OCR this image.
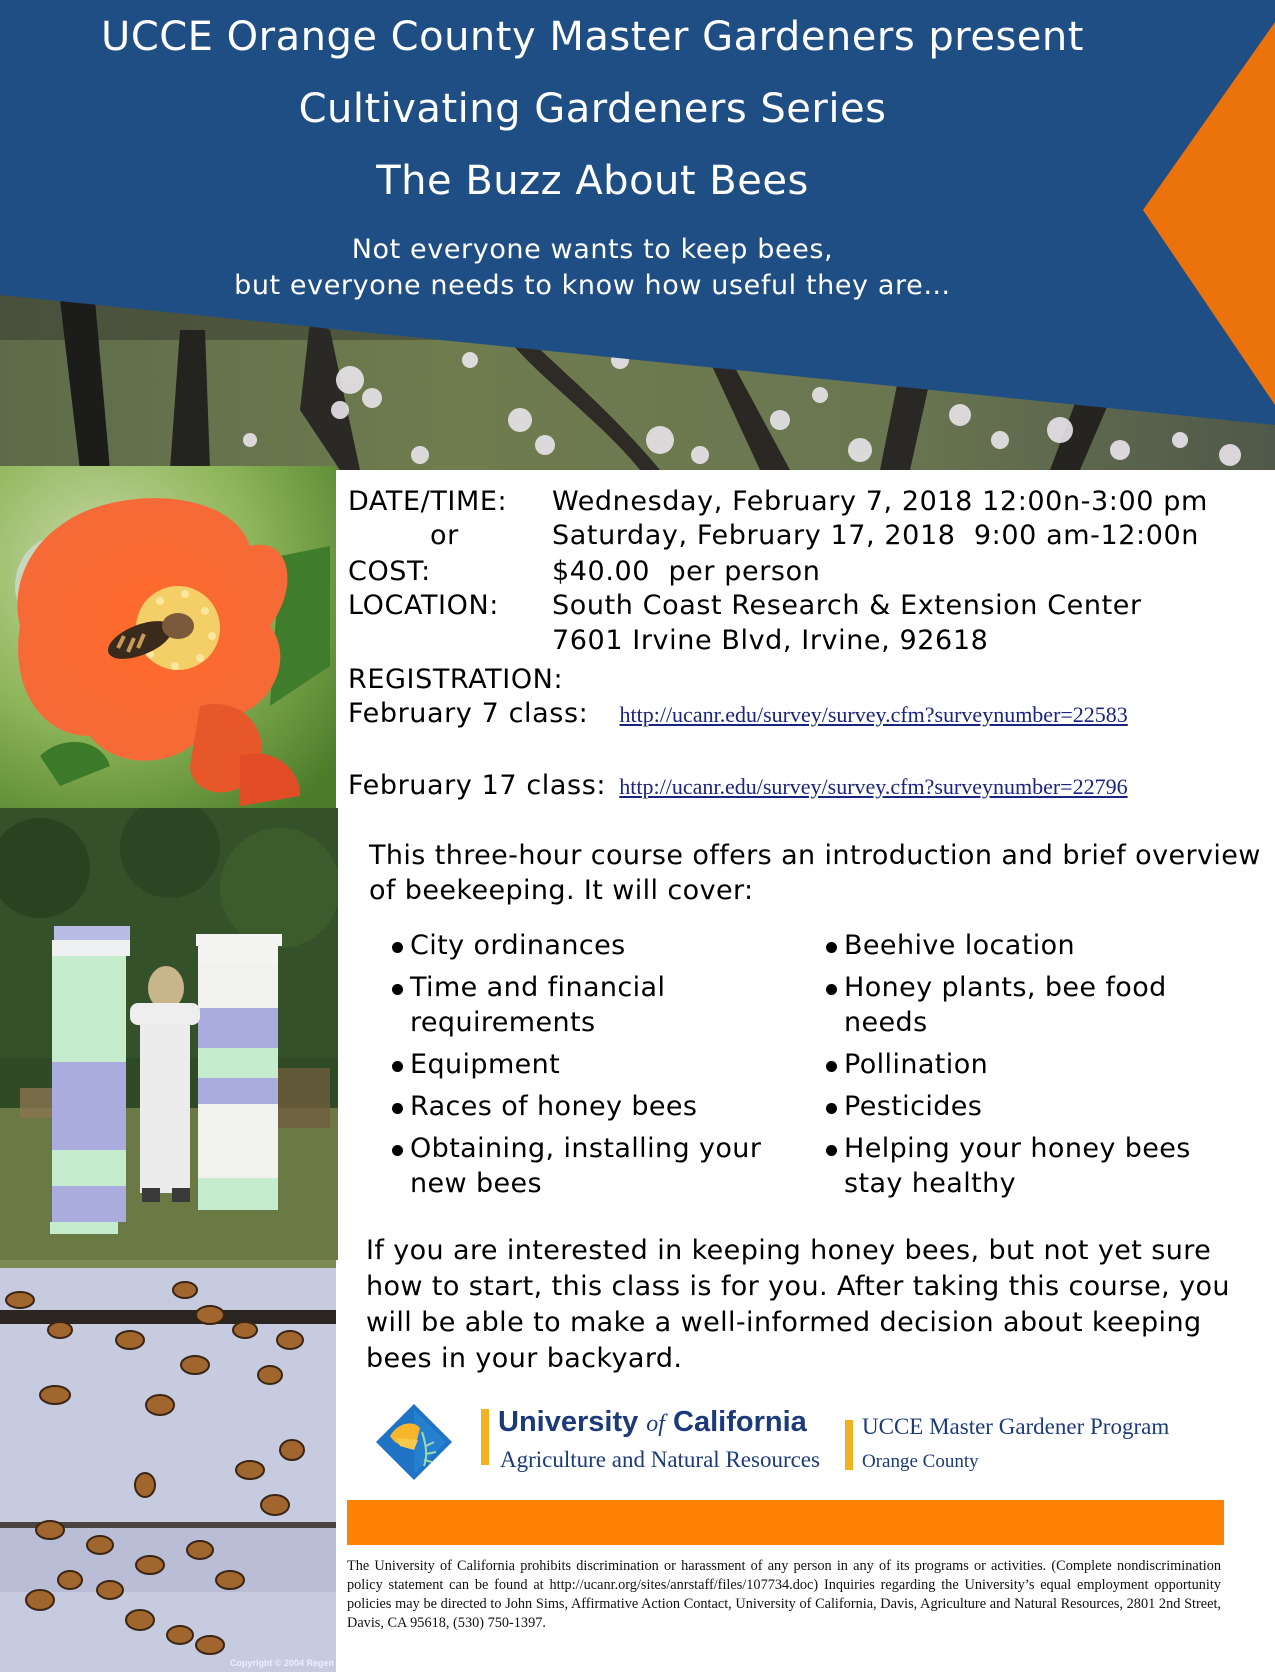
UCCE Orange County Master Gardeners present
Cultivating Gardeners Series
The Buzz About Bees
Not everyone wants to keep bees,
but everyone needs to know how useful they are…
Copyright © 2004 Regen
DATE/TIME: Wednesday, February 7, 2018 12:00n-3:00 pm
or	Saturday, February 17, 2018  9:00 am-12:00n
COST:	$40.00  per person
LOCATION: South Coast Research & Extension Center
7601 Irvine Blvd, Irvine, 92618
REGISTRATION:
February 7 class: http://ucanr.edu/survey/survey.cfm?surveynumber=22583
February 17 class: http://ucanr.edu/survey/survey.cfm?surveynumber=22796
This three-hour course offers an introduction and brief overview of beekeeping. It will cover:
City ordinances
Time and financial requirements
Equipment
Races of honey bees
Obtaining, installing your new bees
Beehive location
Honey plants, bee food needs
Pollination
Pesticides
Helping your honey bees stay healthy
If you are interested in keeping honey bees, but not yet sure how to start, this class is for you. After taking this course, you will be able to make a well-informed decision about keeping bees in your backyard.
University of California
Agriculture and Natural Resources
UCCE Master Gardener Program
Orange County
The University of California prohibits discrimination or harassment of any person in any of its programs or activities. (Complete nondiscrimination policy statement can be found at http://ucanr.org/sites/anrstaff/files/107734.doc) Inquiries regarding the University’s equal employment opportunity policies may be directed to John Sims, Affirmative Action Contact, University of California, Davis, Agriculture and Natural Resources, 2801 2nd Street, Davis, CA 95618, (530) 750-1397.
